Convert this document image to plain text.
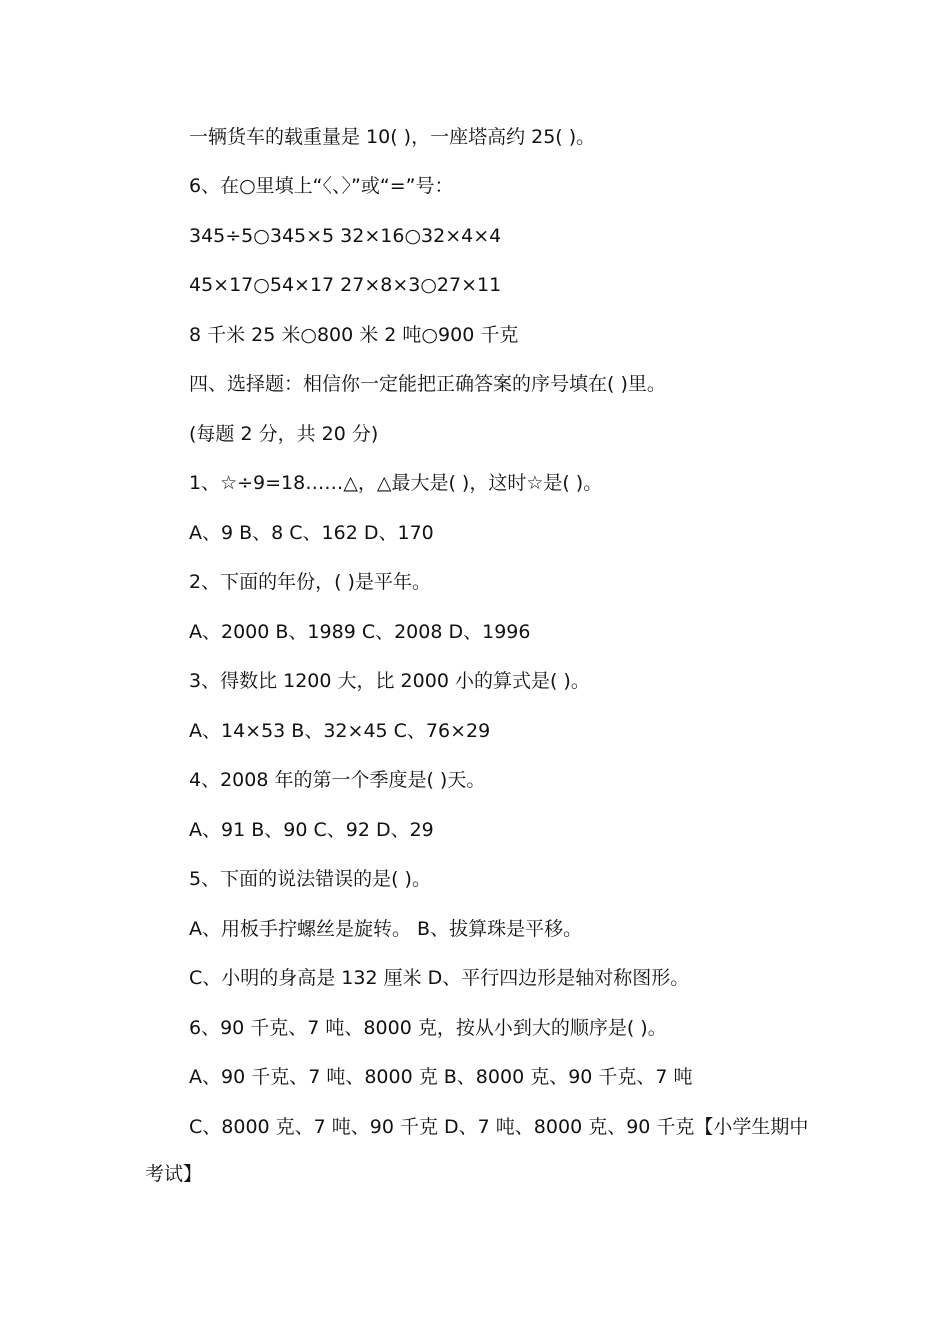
一辆货车的载重量是 10( )，一座塔高约 25( )。
6、在○里填上“〈、〉”或“=”号：
345÷5○345×5 32×16○32×4×4
45×17○54×17 27×8×3○27×11
8 千米 25 米○800 米 2 吨○900 千克
四、选择题：相信你一定能把正确答案的序号填在( )里。
(每题 2 分，共 20 分)
1、☆÷9=18……△，△最大是( )，这时☆是( )。
A、9 B、8 C、162 D、170
2、下面的年份，( )是平年。
A、2000 B、1989 C、2008 D、1996
3、得数比 1200 大，比 2000 小的算式是( )。
A、14×53 B、32×45 C、76×29
4、2008 年的第一个季度是( )天。
A、91 B、90 C、92 D、29
5、下面的说法错误的是( )。
A、用板手拧螺丝是旋转。 B、拔算珠是平移。
C、小明的身高是 132 厘米 D、平行四边形是轴对称图形。
6、90 千克、7 吨、8000 克，按从小到大的顺序是( )。
A、90 千克、7 吨、8000 克 B、8000 克、90 千克、7 吨
C、8000 克、7 吨、90 千克 D、7 吨、8000 克、90 千克【小学生期中
考试】
